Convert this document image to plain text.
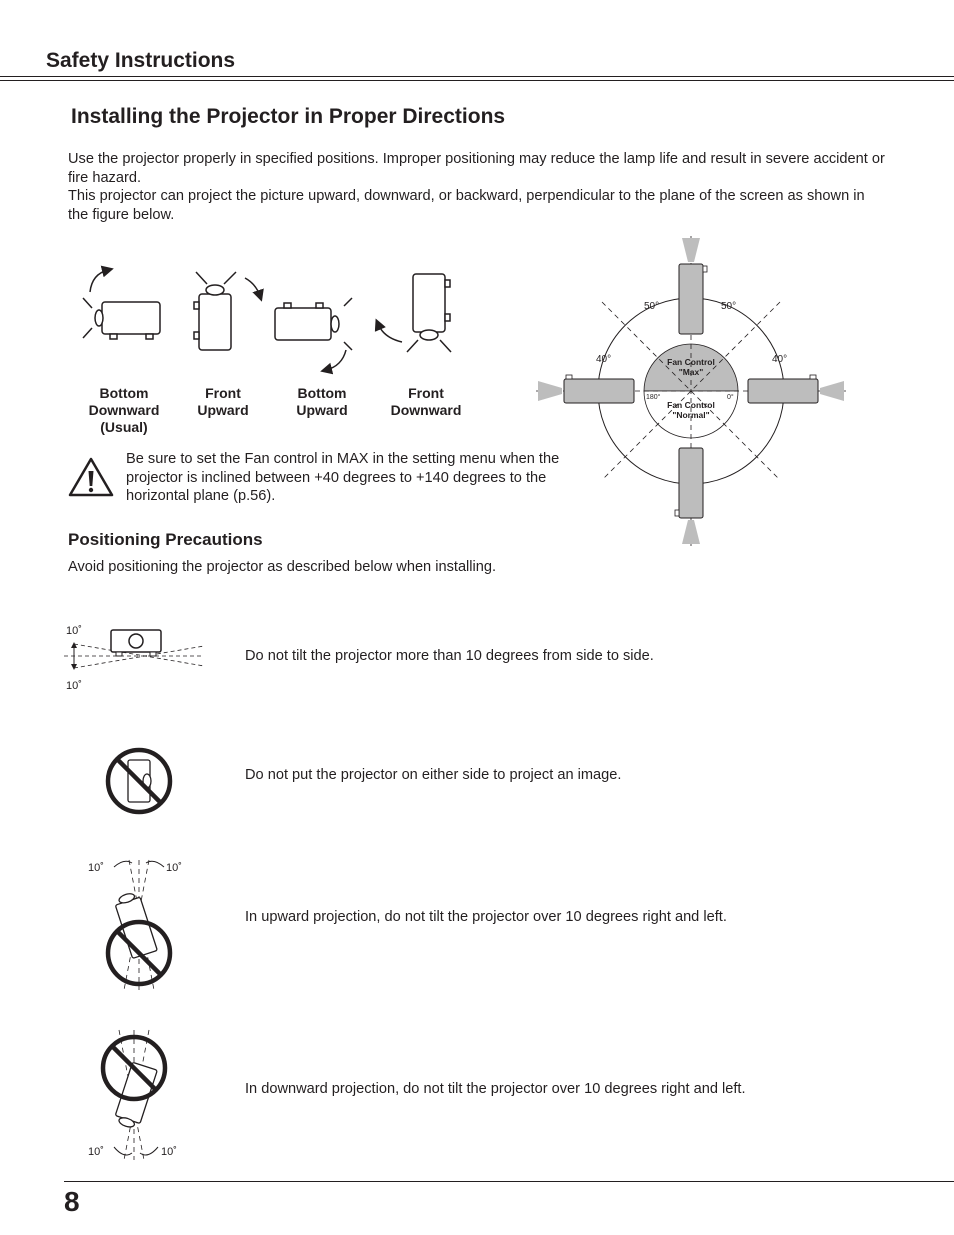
Safety Instructions
Installing the Projector in Proper Directions

Use the projector properly in specified positions. Improper positioning may reduce the lamp life and result in severe accident or fire hazard.

This projector can project the picture upward, downward, or backward, perpendicular to the plane of the screen as shown in the figure below.

Bottom
Downward
(Usual)
Front
Upward
Bottom
Upward
Front
Downward

Be sure to set the Fan control in MAX in the setting menu when the projector is inclined between +40 degrees to +140 degrees to the horizontal plane (p.56).

50°	50°
40°	40°
180°	0°
Fan Control
"Max"
Fan Control
"Normal"
Positioning Precautions

Avoid positioning the projector as described below when installing.

10˚
10˚

Do not tilt the projector more than 10 degrees from side to side.

Do not put the projector on either side to project an image.

10˚	10˚

In upward projection, do not tilt the projector over 10 degrees right and left.

10˚	10˚

In downward projection, do not tilt the projector over 10 degrees right and left.

8
